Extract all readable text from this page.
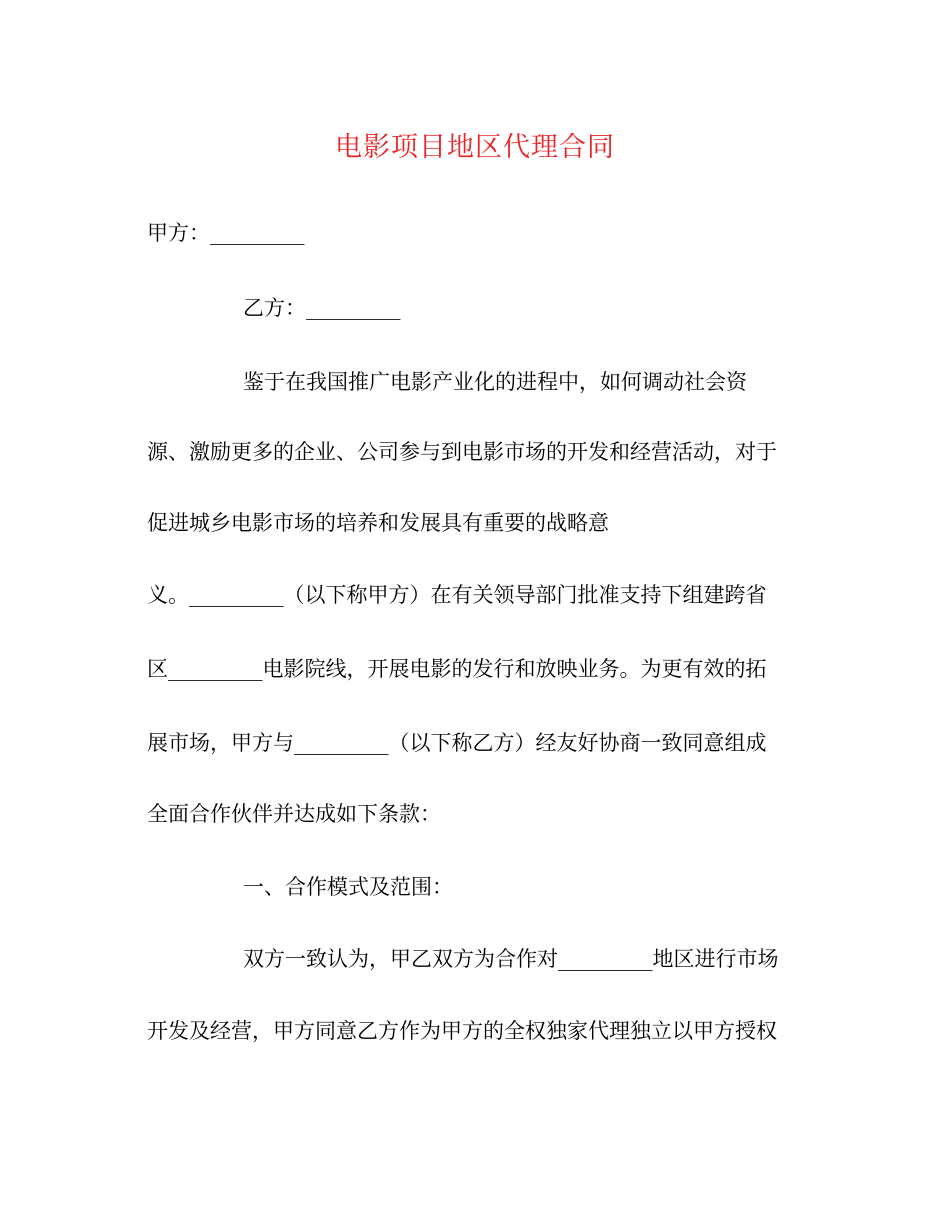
电影项目地区代理合同
甲方：_________
乙方：_________
鉴于在我国推广电影产业化的进程中，如何调动社会资
源、激励更多的企业、公司参与到电影市场的开发和经营活动，对于
促进城乡电影市场的培养和发展具有重要的战略意
义。_________（以下称甲方）在有关领导部门批准支持下组建跨省
区_________电影院线，开展电影的发行和放映业务。为更有效的拓
展市场，甲方与_________（以下称乙方）经友好协商一致同意组成
全面合作伙伴并达成如下条款：
一、合作模式及范围：
双方一致认为，甲乙双方为合作对_________地区进行市场
开发及经营，甲方同意乙方作为甲方的全权独家代理独立以甲方授权
